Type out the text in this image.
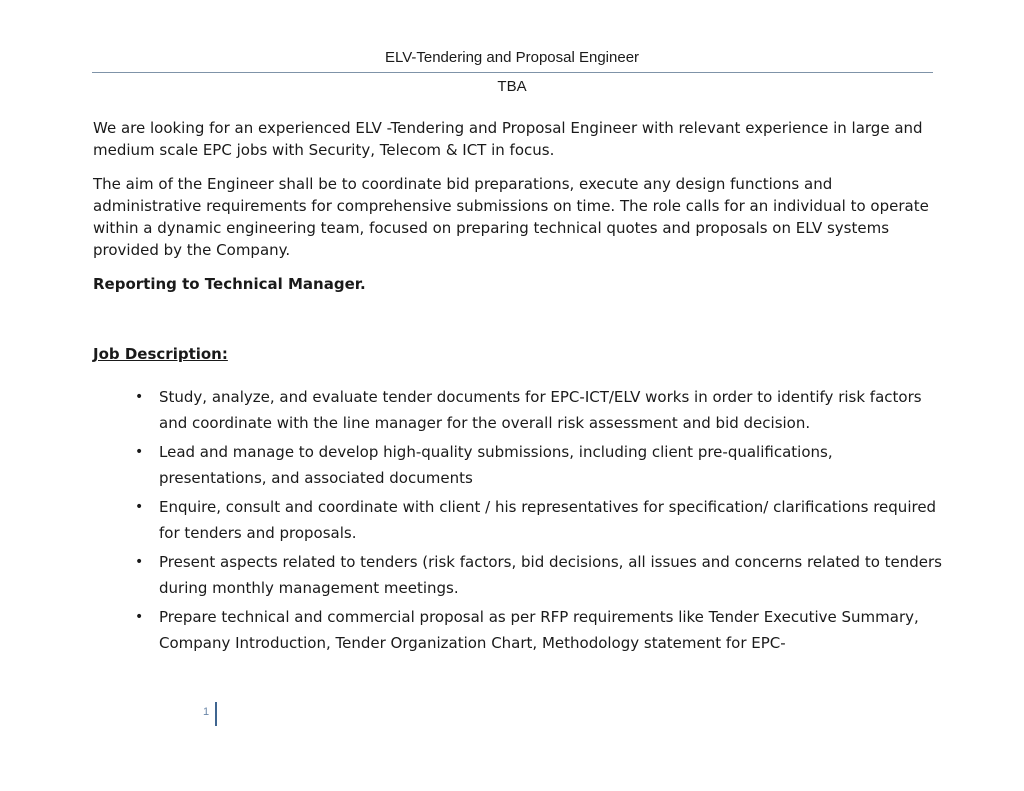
ELV-Tendering and Proposal Engineer
TBA

We are looking for an experienced ELV -Tendering and Proposal Engineer with relevant experience in large and medium scale EPC jobs with Security, Telecom & ICT in focus.

The aim of the Engineer shall be to coordinate bid preparations, execute any design functions and administrative requirements for comprehensive submissions on time. The role calls for an individual to operate within a dynamic engineering team, focused on preparing technical quotes and proposals on ELV systems provided by the Company.

Reporting to Technical Manager.

Job Description:

• Study, analyze, and evaluate tender documents for EPC-ICT/ELV works in order to identify risk factors and coordinate with the line manager for the overall risk assessment and bid decision.
• Lead and manage to develop high-quality submissions, including client pre-qualifications, presentations, and associated documents
• Enquire, consult and coordinate with client / his representatives for specification/ clarifications required for tenders and proposals.
• Present aspects related to tenders (risk factors, bid decisions, all issues and concerns related to tenders during monthly management meetings.
• Prepare technical and commercial proposal as per RFP requirements like Tender Executive Summary, Company Introduction, Tender Organization Chart, Methodology statement for EPC-
1
